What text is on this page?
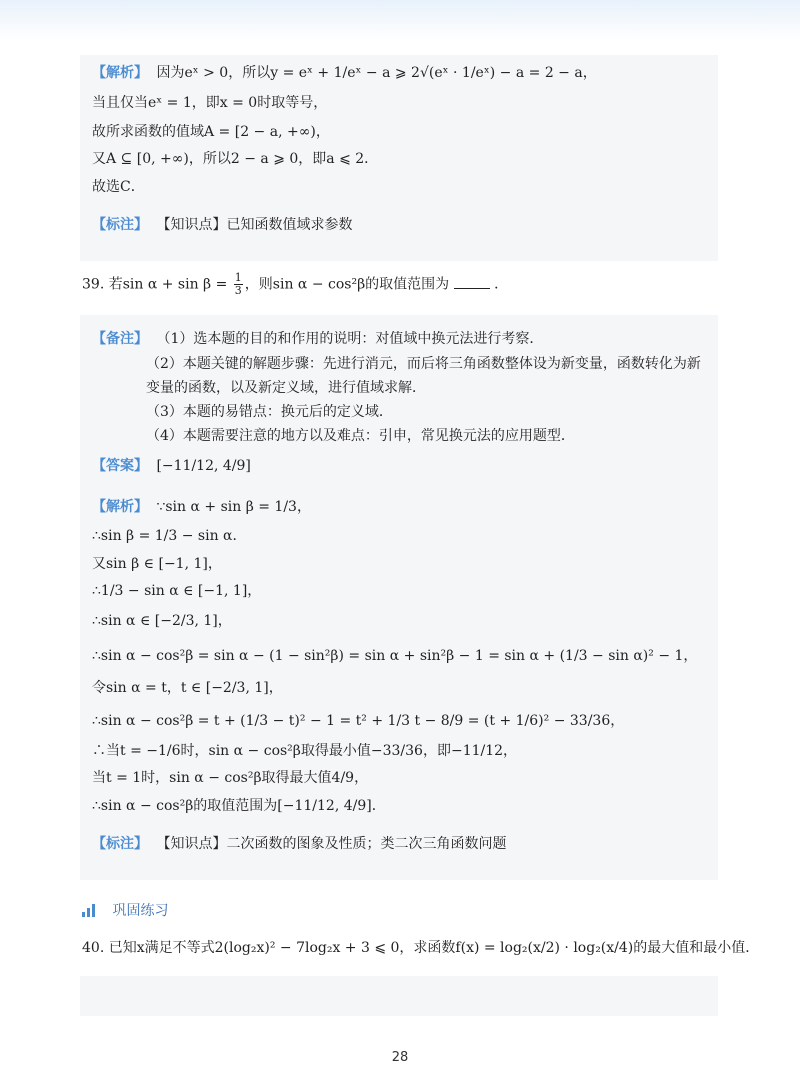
【解析】 因为eˣ > 0，所以y = eˣ + 1/eˣ − a ⩾ 2√(eˣ · 1/eˣ) − a = 2 − a，
当且仅当eˣ = 1，即x = 0时取等号，
故所求函数的值域A = [2 − a, +∞)，
又A ⊆ [0, +∞)，所以2 − a ⩾ 0，即a ⩽ 2．
故选C．
【标注】 【知识点】已知函数值域求参数
39. 若$\sin \alpha + \sin \beta = \frac{1}{3}$ ，则sin α − cos²β的取值范围为	．
【备注】 （1）选本题的目的和作用的说明：对值域中换元法进行考察．
（2）本题关键的解题步骤：先进行消元，而后将三角函数整体设为新变量，函数转化为新
变量的函数，以及新定义域，进行值域求解．
（3）本题的易错点：换元后的定义域．
（4）本题需要注意的地方以及难点：引申，常见换元法的应用题型．
【答案】 [−11/12, 4/9]
【解析】 ∵sin α + sin β = 1/3，
∴sin β = 1/3 − sin α．
又sin β ∈ [−1, 1]，
∴1/3 − sin α ∈ [−1, 1]，
∴sin α ∈ [−2/3, 1]，
∴sin α − cos²β = sin α − (1 − sin²β) = sin α + sin²β − 1 = sin α + (1/3 − sin α)² − 1，
令sin α = t，t ∈ [−2/3, 1]，
∴sin α − cos²β = t + (1/3 − t)² − 1 = t² + 1/3 t − 8/9 = (t + 1/6)² − 33/36，
∴当t = −1/6时，sin α − cos²β取得最小值−33/36，即−11/12，
当t = 1时，sin α − cos²β取得最大值4/9，
∴sin α − cos²β的取值范围为[−11/12, 4/9]．
【标注】 【知识点】二次函数的图象及性质；类二次三角函数问题
巩固练习
40. 已知x满足不等式2(log₂x)² − 7log₂x + 3 ⩽ 0，求函数f(x) = log₂(x/2) · log₂(x/4)的最大值和最小值．
28
